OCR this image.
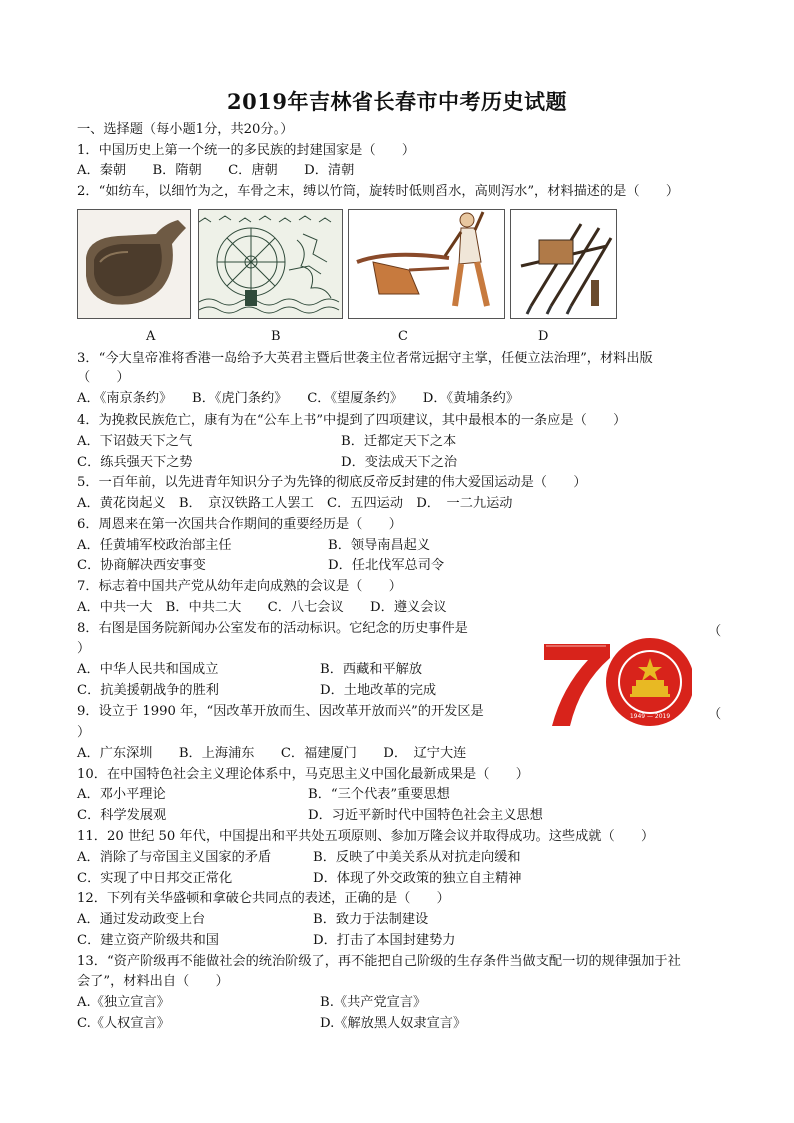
2019年吉林省长春市中考历史试题
一、选择题（每小题1分，共20分。）
1．中国历史上第一个统一的多民族的封建国家是（　　）
A．秦朝　　B．隋朝　　C．唐朝　　D．清朝
2．“如纺车，以细竹为之，车骨之末，缚以竹筒，旋转时低则舀水，高则泻水”，材料描述的是（　　）
A	B	C	D
3．“今大皇帝准将香港一岛给予大英君主暨后世袭主位者常远据守主掌，任便立法治理”，材料出版
（　　）
A．《南京条约》　　B．《虎门条约》　　C．《望厦条约》　　D．《黄埔条约》
4．为挽救民族危亡，康有为在“公车上书”中提到了四项建议，其中最根本的一条应是（　　）
A．下诏鼓天下之气	B．迁都定天下之本
C．练兵强天下之势	D．变法成天下之治
5．一百年前，以先进青年知识分子为先锋的彻底反帝反封建的伟大爱国运动是（　　）
A．黄花岗起义　B．　京汉铁路工人罢工　C．五四运动　D．　一二九运动
6．周恩来在第一次国共合作期间的重要经历是（　　）
A．任黄埔军校政治部主任	B．领导南昌起义
C．协商解决西安事变	D．任北伐军总司令
7．标志着中国共产党从幼年走向成熟的会议是（　　）
A．中共一大　B．中共二大　　C．八七会议　　D．遵义会议
8．右图是国务院新闻办公室发布的活动标识。它纪念的历史事件是	（
）
A．中华人民共和国成立	B．西藏和平解放
C．抗美援朝战争的胜利	D．土地改革的完成
1949 — 2019
9．设立于 1990 年，“因改革开放而生、因改革开放而兴”的开发区是	（
）
A．广东深圳　　B．上海浦东　　C．福建厦门　　D．　辽宁大连
10．在中国特色社会主义理论体系中，马克思主义中国化最新成果是（　　）
A．邓小平理论	B．“三个代表”重要思想
C．科学发展观	D．习近平新时代中国特色社会主义思想
11．20 世纪 50 年代，中国提出和平共处五项原则、参加万隆会议并取得成功。这些成就（　　）
A．消除了与帝国主义国家的矛盾	B．反映了中美关系从对抗走向缓和
C．实现了中日邦交正常化	D．体现了外交政策的独立自主精神
12．下列有关华盛顿和拿破仑共同点的表述，正确的是（　　）
A．通过发动政变上台	B．致力于法制建设
C．建立资产阶级共和国	D．打击了本国封建势力
13．“资产阶级再不能做社会的统治阶级了，再不能把自己阶级的生存条件当做支配一切的规律强加于社
会了”，材料出自（　　）
A.《独立宣言》	B.《共产党宣言》
C.《人权宣言》	D.《解放黑人奴隶宣言》
